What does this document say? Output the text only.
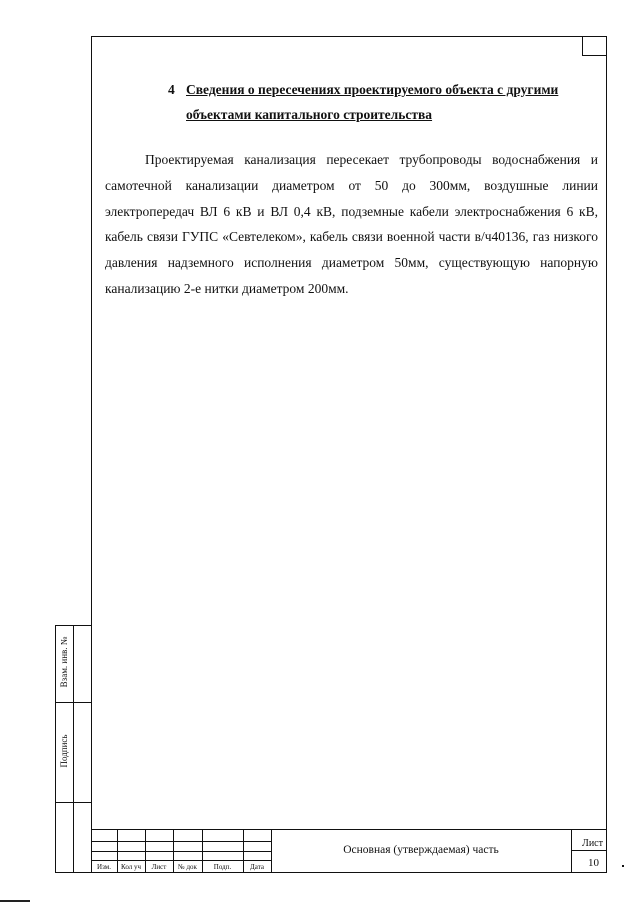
4 Сведения о пересечениях проектируемого объекта с другими
объектами капитального строительства
Проектируемая канализация пересекает трубопроводы водоснабжения и самотечной канализации диаметром от 50 до 300мм, воздушные линии электропередач ВЛ 6 кВ и ВЛ 0,4 кВ, подземные кабели электроснабжения 6 кВ, кабель связи ГУПС «Севтелеком», кабель связи военной части в/ч40136, газ низкого давления надземного исполнения диаметром 50мм, существующую напорную канализацию 2-е нитки диаметром 200мм.
Взам. инв. №
Подпись
Изм.	Кол уч	Лист	№ док	Подп.	Дата
Основная (утверждаемая) часть
Лист
10
